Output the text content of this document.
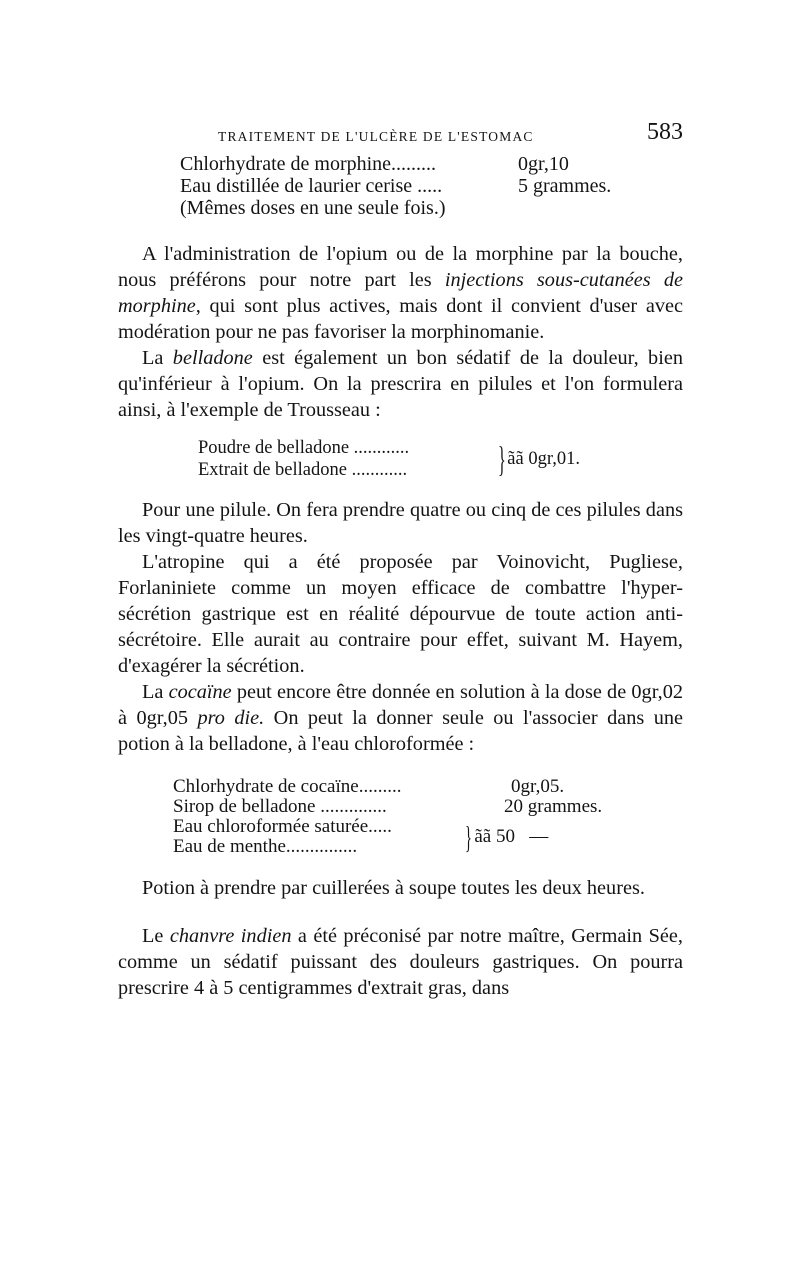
TRAITEMENT DE L'ULCÈRE DE L'ESTOMAC	583
Chlorhydrate de morphine.........	0gr,10
Eau distillée de laurier cerise .....	5 grammes.
(Mêmes doses en une seule fois.)

A l'administration de l'opium ou de la morphine par la bouche, nous préférons pour notre part les injections sous-cutanées de morphine, qui sont plus actives, mais dont il convient d'user avec modération pour ne pas favoriser la morphinomanie.

La belladone est également un bon sédatif de la douleur, bien qu'inférieur à l'opium. On la prescrira en pilules et l'on formulera ainsi, à l'exemple de Trousseau :

Poudre de belladone ............
Extrait de belladone ............	} ãã 0gr,01.

Pour une pilule. On fera prendre quatre ou cinq de ces pilules dans les vingt-quatre heures.

L'atropine qui a été proposée par Voinovicht, Pugliese, Forlaniniete comme un moyen efficace de combattre l'hyper-sécrétion gastrique est en réalité dépourvue de toute action anti-sécrétoire. Elle aurait au contraire pour effet, suivant M. Hayem, d'exagérer la sécrétion.

La cocaïne peut encore être donnée en solution à la dose de 0gr,02 à 0gr,05 pro die. On peut la donner seule ou l'associer dans une potion à la belladone, à l'eau chloroformée :

Chlorhydrate de cocaïne.........	0gr,05.
Sirop de belladone ..............	20 grammes.
Eau chloroformée saturée.....
Eau de menthe...............	} ãã 50   —

Potion à prendre par cuillerées à soupe toutes les deux heures.

Le chanvre indien a été préconisé par notre maître, Germain Sée, comme un sédatif puissant des douleurs gastriques. On pourra prescrire 4 à 5 centigrammes d'extrait gras, dans
